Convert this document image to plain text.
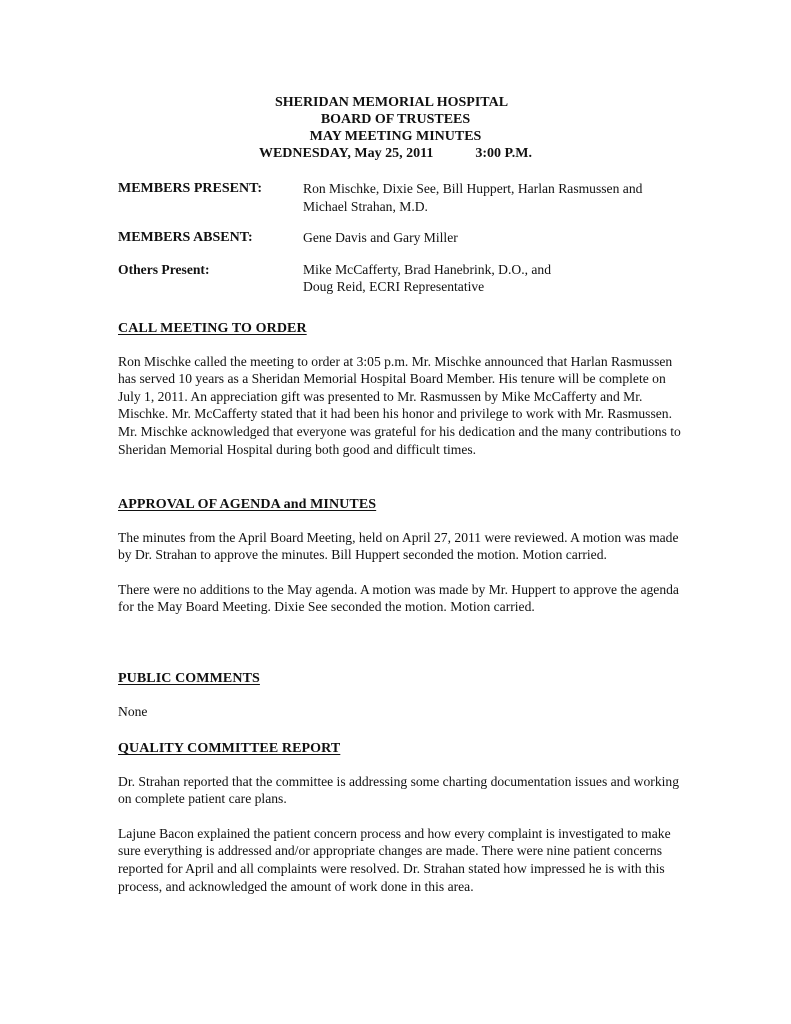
SHERIDAN MEMORIAL HOSPITAL
BOARD OF TRUSTEES
MAY MEETING MINUTES
WEDNESDAY, May 25, 2011	3:00 P.M.
MEMBERS PRESENT:	Ron Mischke, Dixie See, Bill Huppert, Harlan Rasmussen and
Michael Strahan, M.D.
MEMBERS ABSENT:	Gene Davis and Gary Miller
Others Present:	Mike McCafferty, Brad Hanebrink, D.O., and
Doug Reid, ECRI Representative
CALL MEETING TO ORDER

Ron Mischke called the meeting to order at 3:05 p.m. Mr. Mischke announced that Harlan Rasmussen has served 10 years as a Sheridan Memorial Hospital Board Member. His tenure will be complete on July 1, 2011. An appreciation gift was presented to Mr. Rasmussen by Mike McCafferty and Mr. Mischke. Mr. McCafferty stated that it had been his honor and privilege to work with Mr. Rasmussen. Mr. Mischke acknowledged that everyone was grateful for his dedication and the many contributions to Sheridan Memorial Hospital during both good and difficult times.

APPROVAL OF AGENDA and MINUTES

The minutes from the April Board Meeting, held on April 27, 2011 were reviewed. A motion was made by Dr. Strahan to approve the minutes. Bill Huppert seconded the motion. Motion carried.

There were no additions to the May agenda. A motion was made by Mr. Huppert to approve the agenda for the May Board Meeting. Dixie See seconded the motion. Motion carried.

PUBLIC COMMENTS

None

QUALITY COMMITTEE REPORT

Dr. Strahan reported that the committee is addressing some charting documentation issues and working on complete patient care plans.

Lajune Bacon explained the patient concern process and how every complaint is investigated to make sure everything is addressed and/or appropriate changes are made. There were nine patient concerns reported for April and all complaints were resolved. Dr. Strahan stated how impressed he is with this process, and acknowledged the amount of work done in this area.
